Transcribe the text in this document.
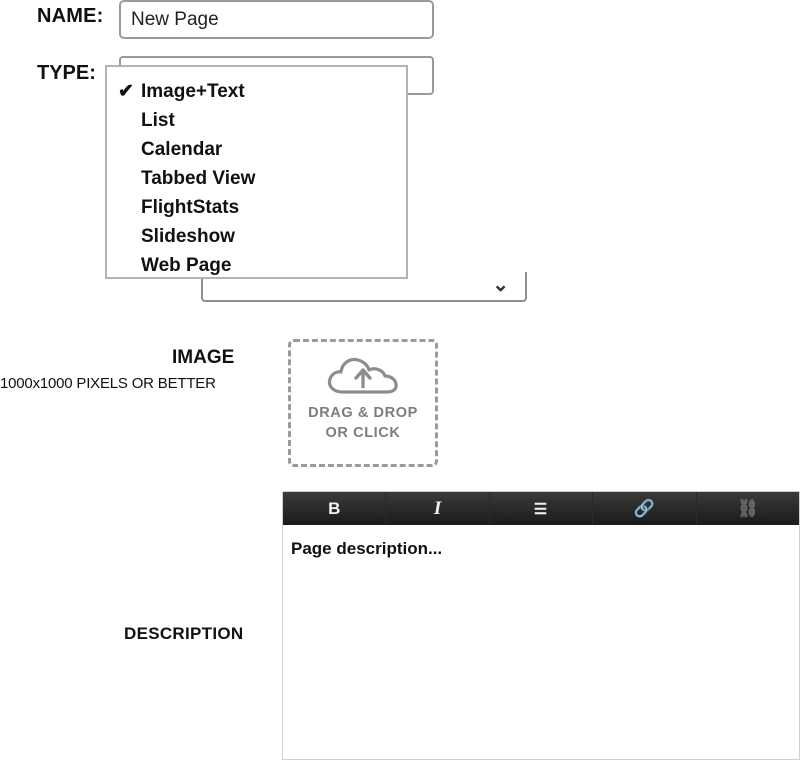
NAME:
New Page
TYPE:
⌄
✔ Image+Text
List
Calendar
Tabbed View
FlightStats
Slideshow
Web Page
IMAGE
1000x1000 PIXELS OR BETTER
DRAG & DROP
OR CLICK
DESCRIPTION
B	I	☰	🔗	⛓
Page description...
